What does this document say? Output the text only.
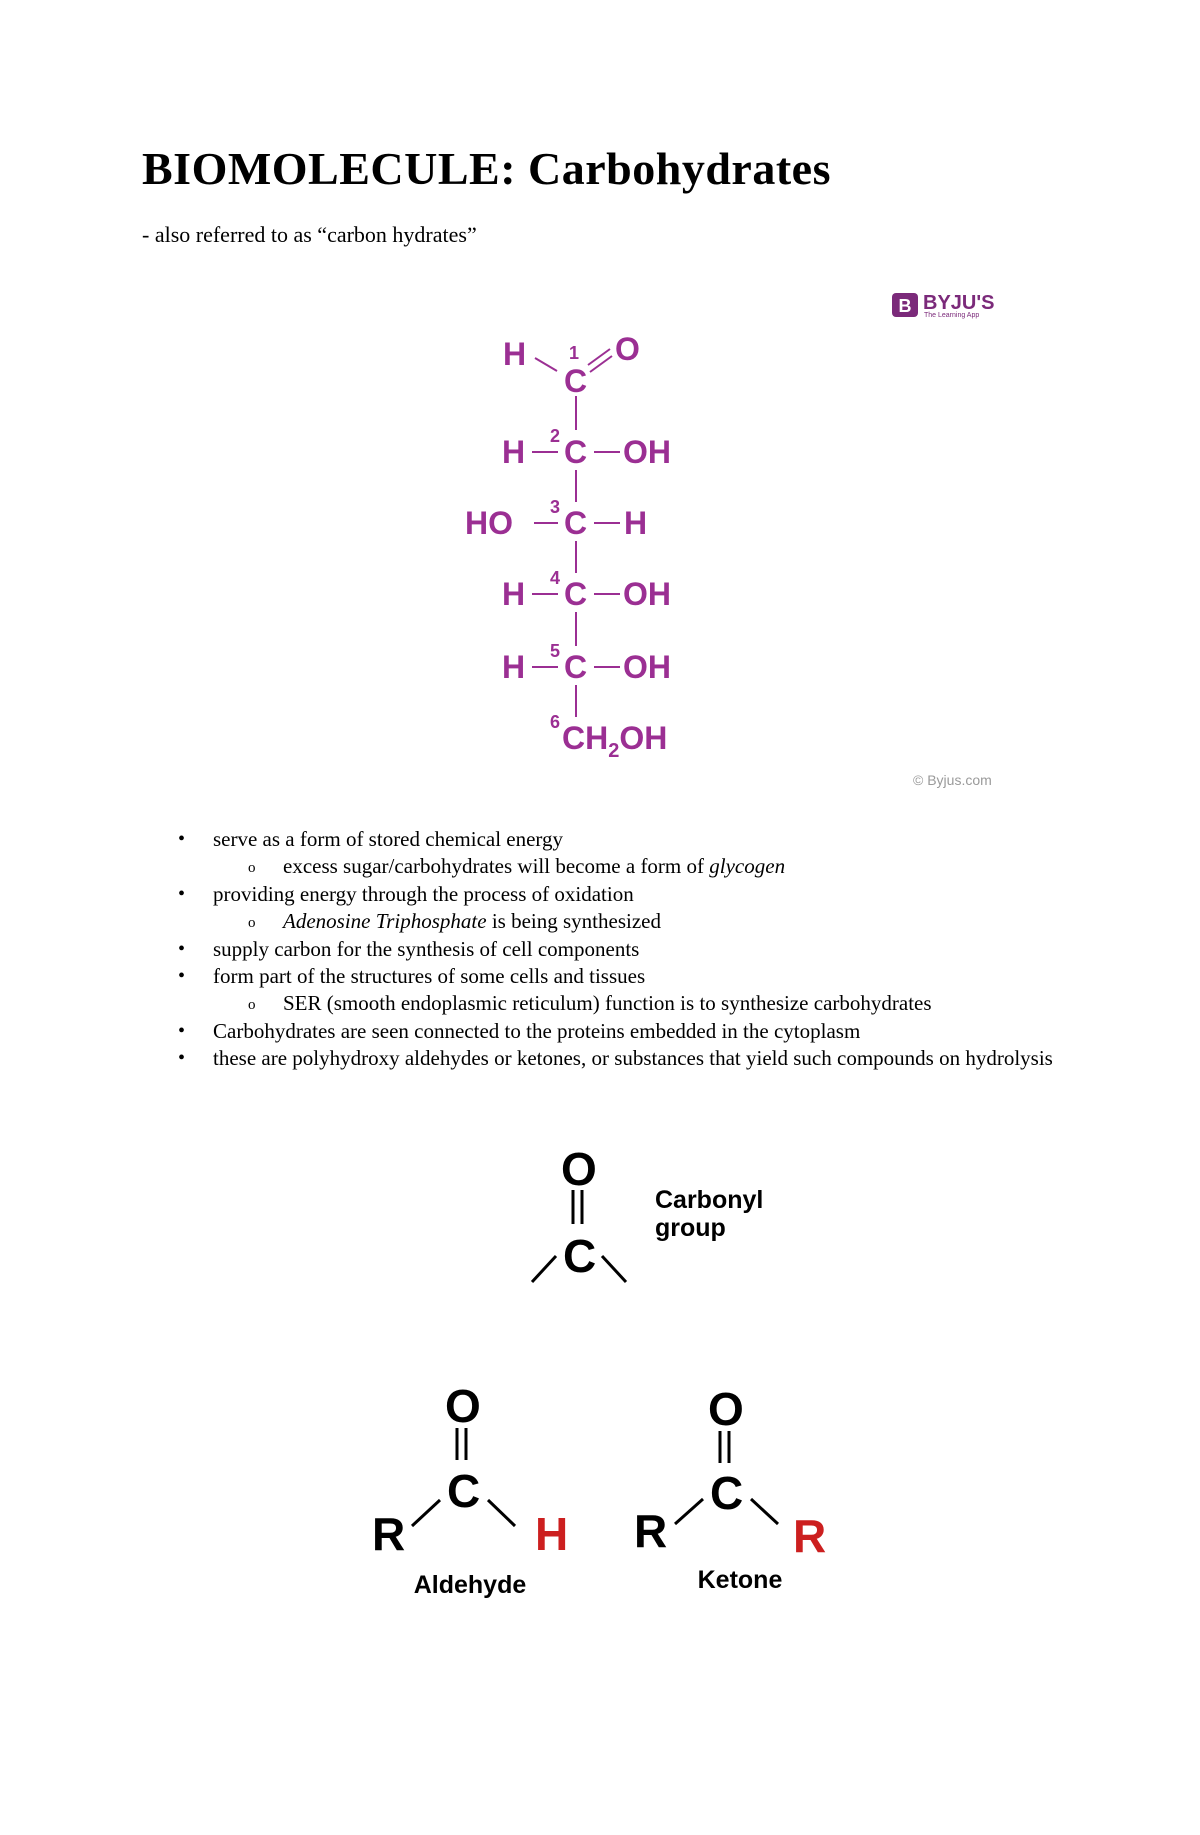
BIOMOLECULE: Carbohydrates

- also referred to as “carbon hydrates”

B BYJU'S
The Learning App
H
C
O
H C OH
HO C H
H C OH
H C OH
$CH_2OH$
1
2
3
4
5
6
© Byjus.com
• serve as a form of stored chemical energy
o excess sugar/carbohydrates will become a form of glycogen
• providing energy through the process of oxidation
o Adenosine Triphosphate is being synthesized
• supply carbon for the synthesis of cell components
• form part of the structures of some cells and tissues
o SER (smooth endoplasmic reticulum) function is to synthesize carbohydrates
• Carbohydrates are seen connected to the proteins embedded in the cytoplasm
• these are polyhydroxy aldehydes or ketones, or substances that yield such compounds on hydrolysis
O
C
Carbonyl
group
O
C
R	H
Aldehyde
O
C
R	R
Ketone
